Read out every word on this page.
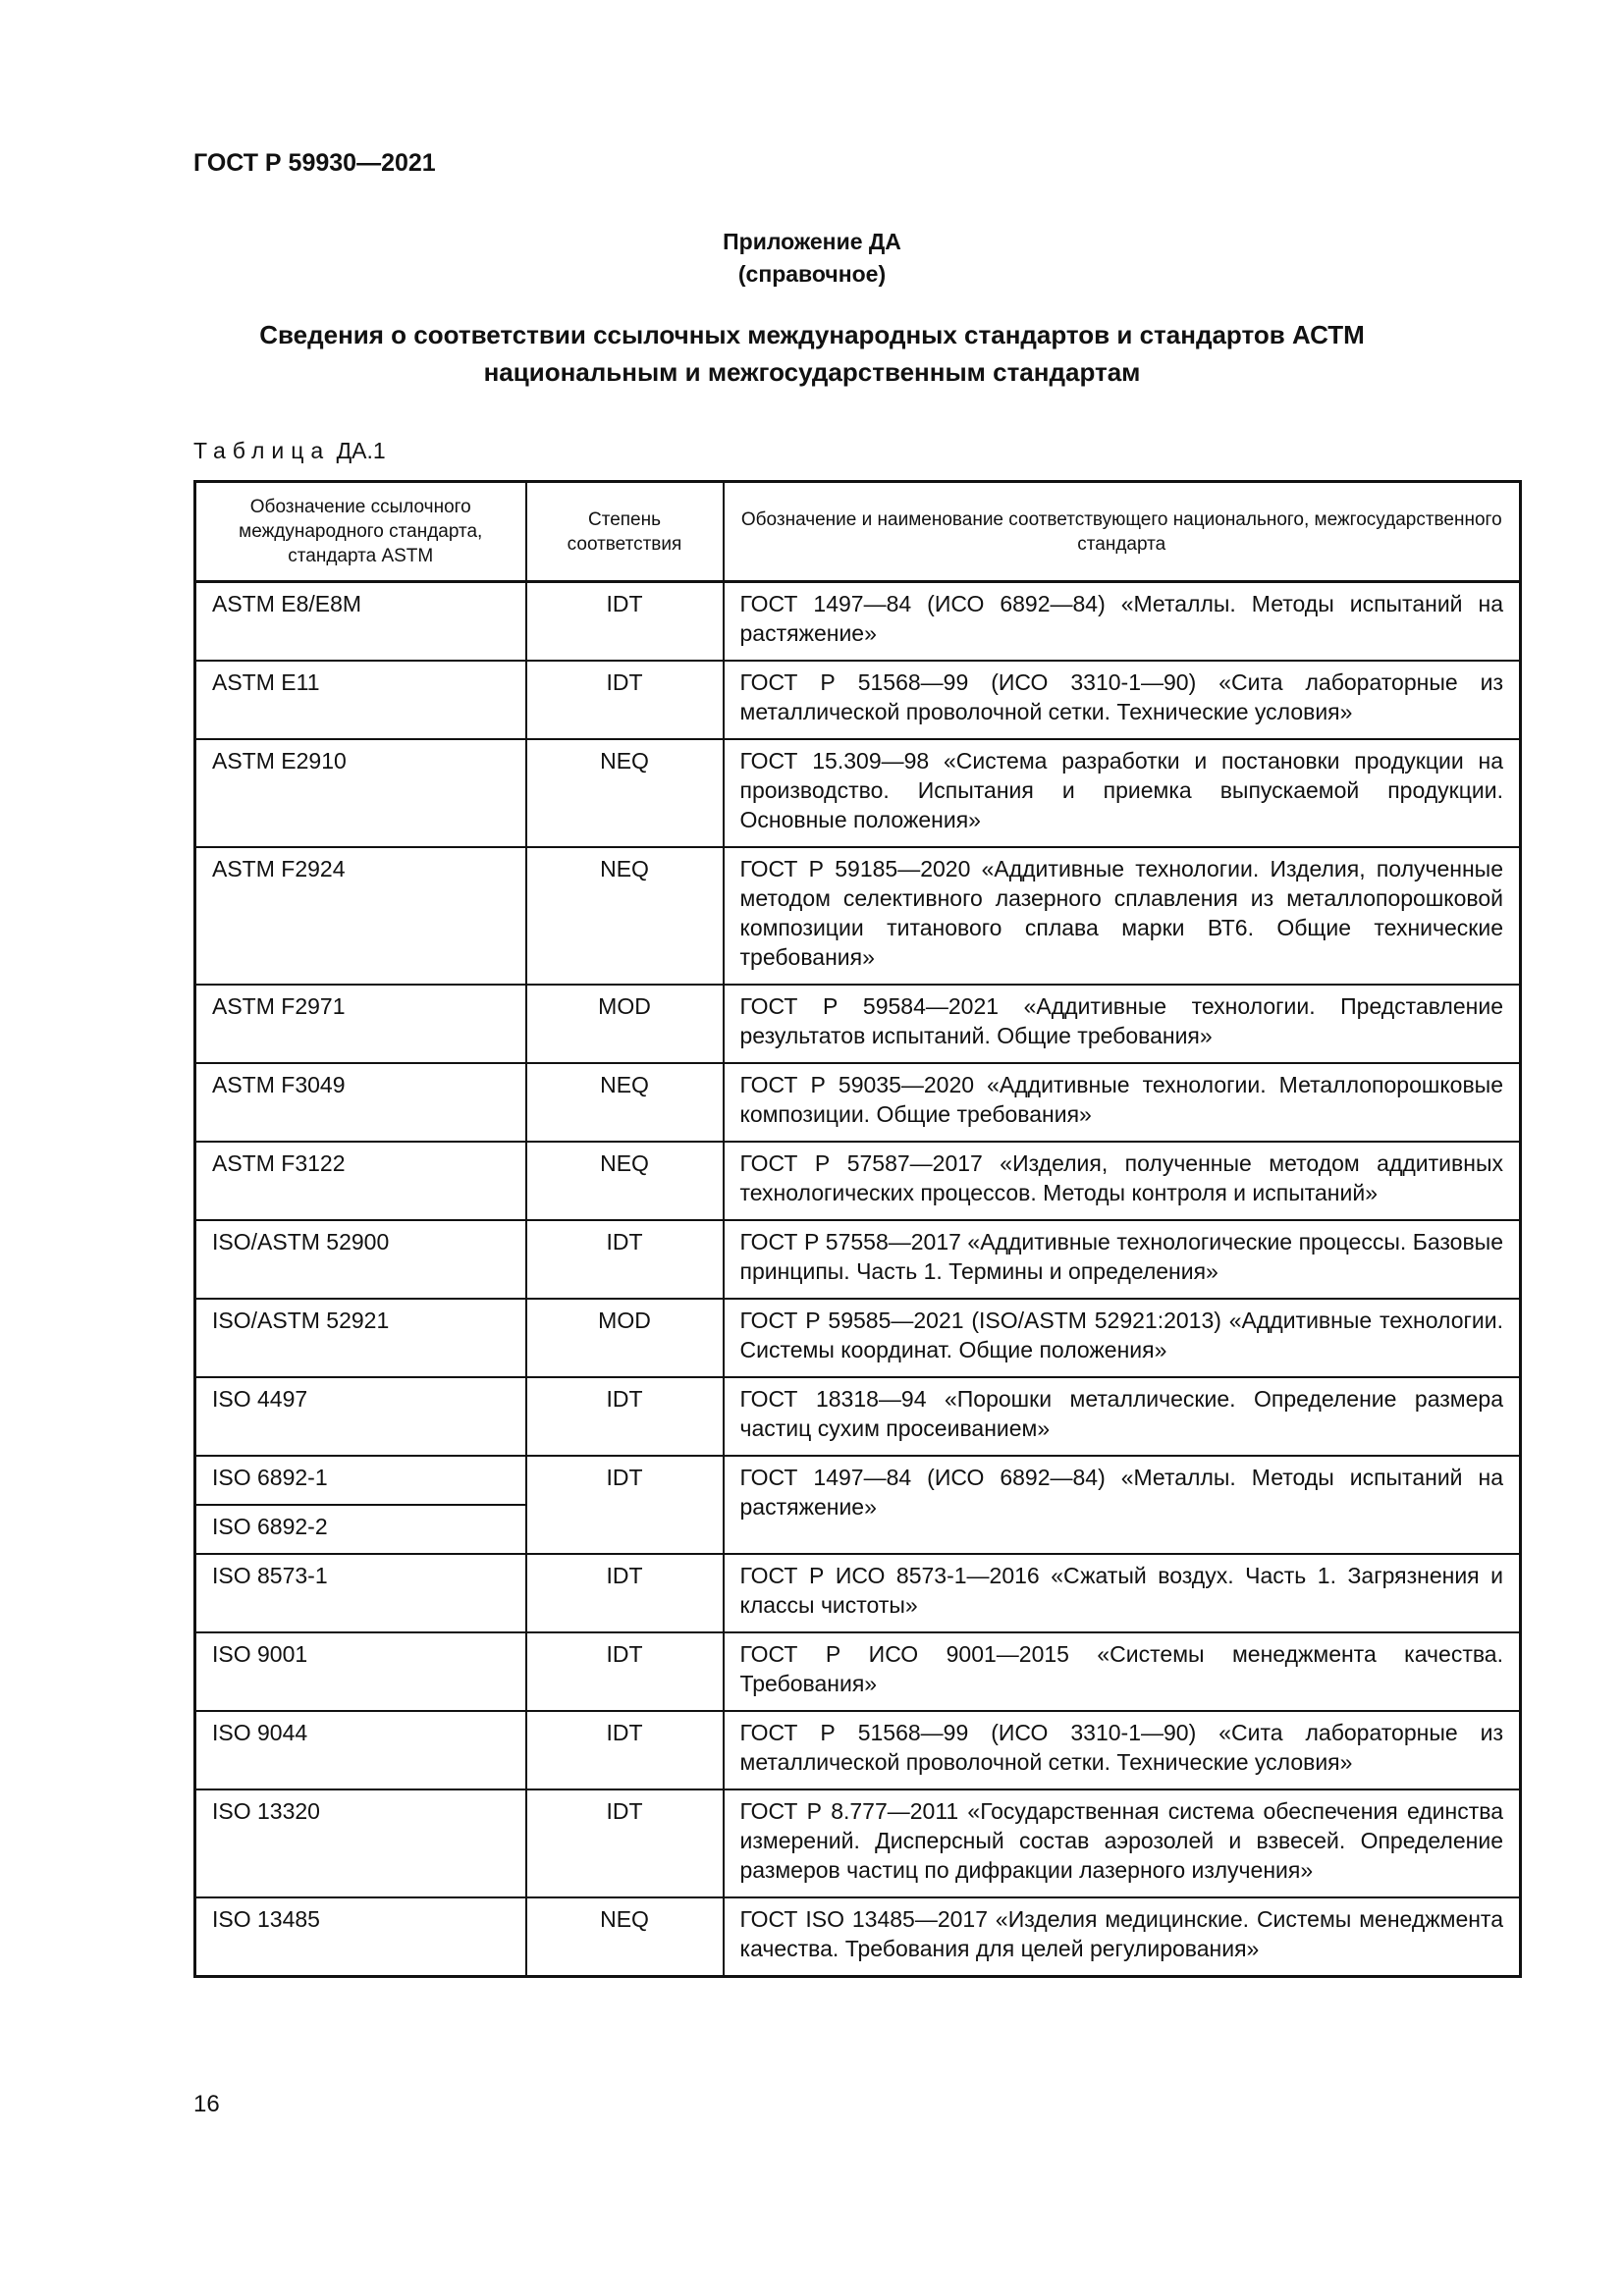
ГОСТ Р 59930—2021
Приложение ДА
(справочное)
Сведения о соответствии ссылочных международных стандартов и стандартов АСТМ
национальным и межгосударственным стандартам
Таблица ДА.1
Обозначение ссылочного международного стандарта, стандарта ASTM	Степень соответствия	Обозначение и наименование соответствующего национального, межгосударственного стандарта
ASTM E8/E8M	IDT	ГОСТ 1497—84 (ИСО 6892—84) «Металлы. Методы испытаний на растяжение»
ASTM E11	IDT	ГОСТ Р 51568—99 (ИСО 3310-1—90) «Сита лабораторные из металлической проволочной сетки. Технические условия»
ASTM E2910	NEQ	ГОСТ 15.309—98 «Система разработки и постановки продукции на производство. Испытания и приемка выпускаемой продукции. Основные положения»
ASTM F2924	NEQ	ГОСТ Р 59185—2020 «Аддитивные технологии. Изделия, полученные методом селективного лазерного сплавления из металлопорошковой композиции титанового сплава марки ВТ6. Общие технические требования»
ASTM F2971	MOD	ГОСТ Р 59584—2021 «Аддитивные технологии. Представление результатов испытаний. Общие требования»
ASTM F3049	NEQ	ГОСТ Р 59035—2020 «Аддитивные технологии. Металлопорошковые композиции. Общие требования»
ASTM F3122	NEQ	ГОСТ Р 57587—2017 «Изделия, полученные методом аддитивных технологических процессов. Методы контроля и испытаний»
ISO/ASTM 52900	IDT	ГОСТ Р 57558—2017 «Аддитивные технологические процессы. Базовые принципы. Часть 1. Термины и определения»
ISO/ASTM 52921	MOD	ГОСТ Р 59585—2021 (ISO/ASTM 52921:2013) «Аддитивные технологии. Системы координат. Общие положения»
ISO 4497	IDT	ГОСТ 18318—94 «Порошки металлические. Определение размера частиц сухим просеиванием»
ISO 6892-1	IDT	ГОСТ 1497—84 (ИСО 6892—84) «Металлы. Методы испытаний на растяжение»
ISO 6892-2		
ISO 8573-1	IDT	ГОСТ Р ИСО 8573-1—2016 «Сжатый воздух. Часть 1. Загрязнения и классы чистоты»
ISO 9001	IDT	ГОСТ Р ИСО 9001—2015 «Системы менеджмента качества. Требования»
ISO 9044	IDT	ГОСТ Р 51568—99 (ИСО 3310-1—90) «Сита лабораторные из металлической проволочной сетки. Технические условия»
ISO 13320	IDT	ГОСТ Р 8.777—2011 «Государственная система обеспечения единства измерений. Дисперсный состав аэрозолей и взвесей. Определение размеров частиц по дифракции лазерного излучения»
ISO 13485	NEQ	ГОСТ ISO 13485—2017 «Изделия медицинские. Системы менеджмента качества. Требования для целей регулирования»
16
